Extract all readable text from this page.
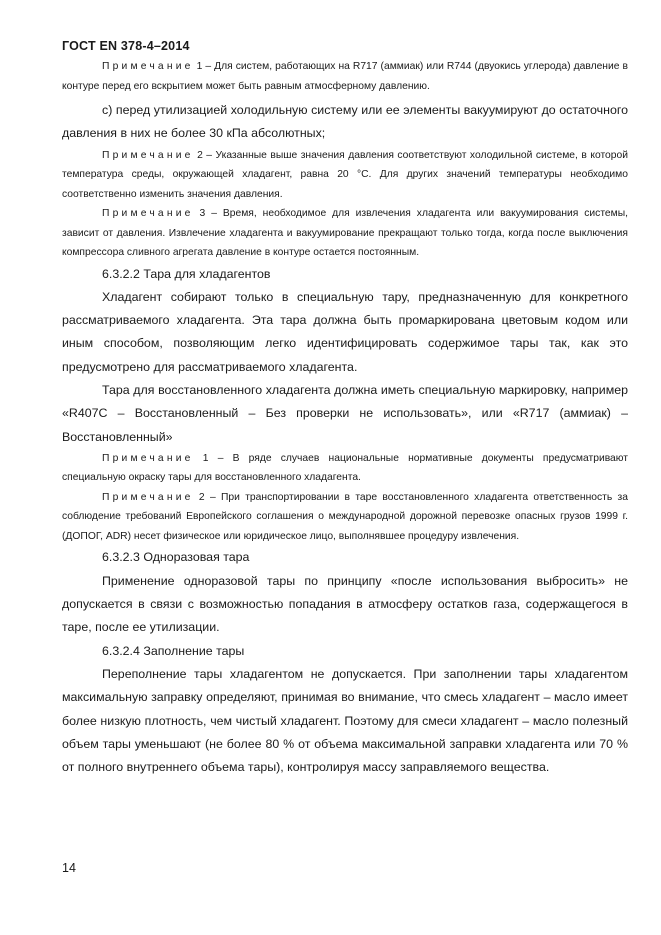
ГОСТ EN 378-4–2014

Примечание 1 – Для систем, работающих на R717 (аммиак) или R744 (двуокись углерода) давление в контуре перед его вскрытием может быть равным атмосферному давлению.

с) перед утилизацией холодильную систему или ее элементы вакуумируют до остаточного давления в них не более 30 кПа абсолютных;

Примечание 2 – Указанные выше значения давления соответствуют холодильной системе, в которой температура среды, окружающей хладагент, равна 20 °С. Для других значений температуры необходимо соответственно изменить значения давления.

Примечание 3 – Время, необходимое для извлечения хладагента или вакуумирования системы, зависит от давления. Извлечение хладагента и вакуумирование прекращают только тогда, когда после выключения компрессора сливного агрегата давление в контуре остается постоянным.

6.3.2.2 Тара для хладагентов

Хладагент собирают только в специальную тару, предназначенную для конкретного рассматриваемого хладагента. Эта тара должна быть промаркирована цветовым кодом или иным способом, позволяющим легко идентифицировать содержимое тары так, как это предусмотрено для рассматриваемого хладагента.

Тара для восстановленного хладагента должна иметь специальную маркировку, например «R407С – Восстановленный – Без проверки не использовать», или «R717 (аммиак) – Восстановленный»

Примечание 1 – В ряде случаев национальные нормативные документы предусматривают специальную окраску тары для восстановленного хладагента.

Примечание 2 – При транспортировании в таре восстановленного хладагента ответственность за соблюдение требований Европейского соглашения о международной дорожной перевозке опасных грузов 1999 г. (ДОПОГ, ADR) несет физическое или юридическое лицо, выполнявшее процедуру извлечения.

6.3.2.3 Одноразовая тара

Применение одноразовой тары по принципу «после использования выбросить» не допускается в связи с возможностью попадания в атмосферу остатков газа, содержащегося в таре, после ее утилизации.

6.3.2.4 Заполнение тары

Переполнение тары хладагентом не допускается. При заполнении тары хладагентом максимальную заправку определяют, принимая во внимание, что смесь хладагент – масло имеет более низкую плотность, чем чистый хладагент. Поэтому для смеси хладагент – масло полезный объем тары уменьшают (не более 80 % от объема максимальной заправки хладагента или 70 % от полного внутреннего объема тары), контролируя массу заправляемого вещества.

14
